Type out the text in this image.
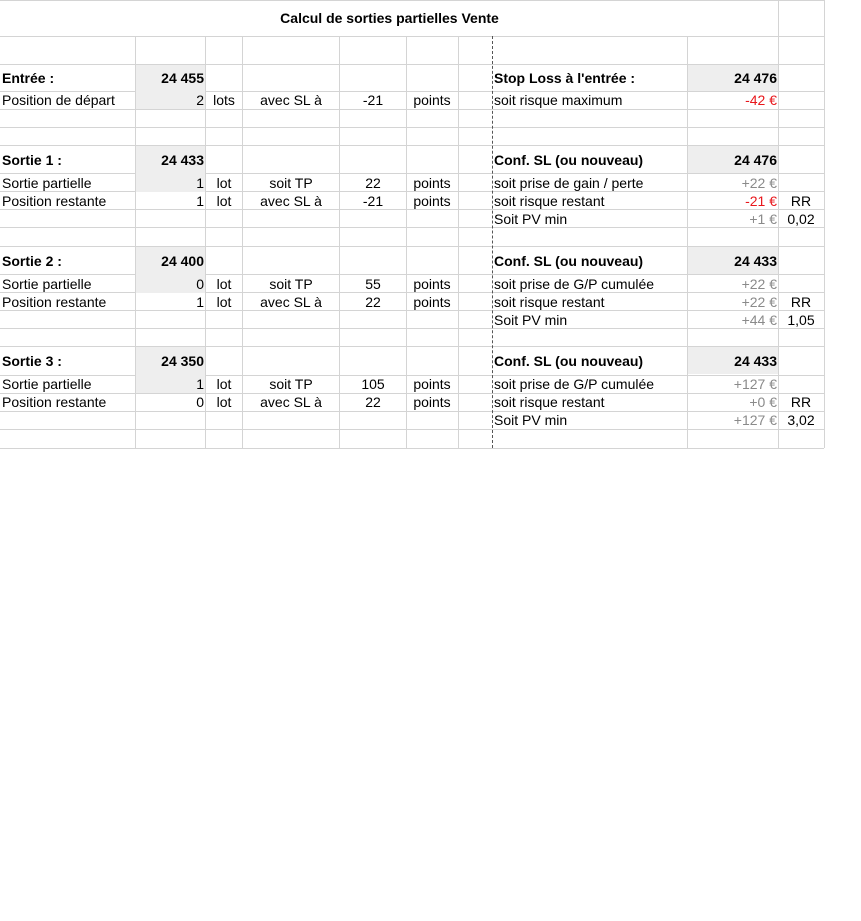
Calcul de sorties partielles Vente
Entrée :	24 455	Stop Loss à l'entrée :	24 476
Position de départ	2 lots	avec SL à	-21	points	soit risque maximum	-42 €
Sortie 1 :	24 433	Conf. SL (ou nouveau)	24 476
Sortie partielle	1 lot	soit TP	22	points	soit prise de gain / perte	+22 €
Position restante	1 lot	avec SL à	-21	points	soit risque restant	-21 € RR
Soit PV min	+1 € 0,02
Sortie 2 :	24 400	Conf. SL (ou nouveau)	24 433
Sortie partielle	0 lot	soit TP	55	points	soit prise de G/P cumulée	+22 €
Position restante	1 lot	avec SL à	22	points	soit risque restant	+22 € RR
Soit PV min	+44 € 1,05
Sortie 3 :	24 350	Conf. SL (ou nouveau)	24 433
Sortie partielle	1 lot	soit TP	105	points	soit prise de G/P cumulée	+127 €
Position restante	0 lot	avec SL à	22	points	soit risque restant	+0 € RR
Soit PV min	+127 € 3,02
